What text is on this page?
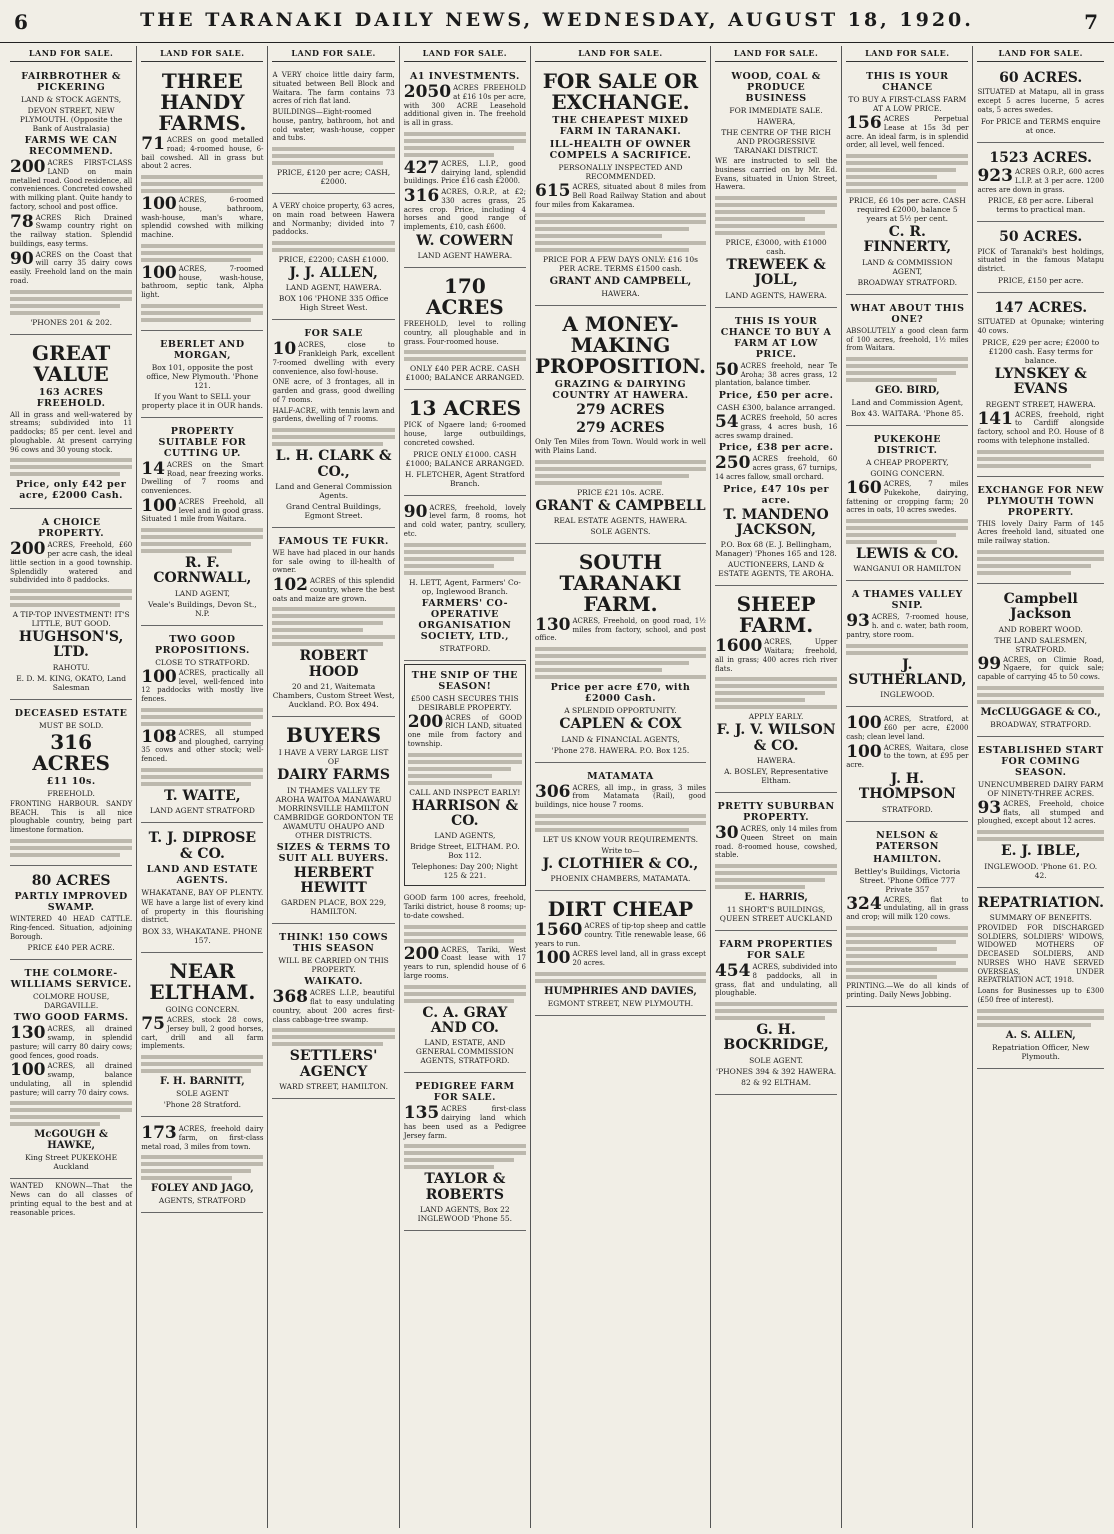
6	THE TARANAKI DAILY NEWS, WEDNESDAY, AUGUST 18, 1920.	7
LAND FOR SALE.
FAIRBROTHER & PICKERING
LAND & STOCK AGENTS,
DEVON STREET, NEW PLYMOUTH. (Opposite the Bank of Australasia)
FARMS WE CAN RECOMMEND.
200 ACRES FIRST-CLASS LAND on main metalled road. Good residence, all conveniences. Concreted cowshed with milking plant. Quite handy to factory, school and post office.
78 ACRES Rich Drained Swamp country right on the railway station. Splendid buildings, easy terms.
90 ACRES on the Coast that will carry 35 dairy cows easily. Freehold land on the main road.
'PHONES 201 & 202.
GREAT VALUE
163 ACRES FREEHOLD.
All in grass and well-watered by streams; subdivided into 11 paddocks; 85 per cent. level and ploughable. At present carrying 96 cows and 30 young stock.
Price, only £42 per acre, £2000 Cash.
A CHOICE PROPERTY.
200 ACRES, Freehold, £60 per acre cash, the ideal little section in a good township. Splendidly watered and subdivided into 8 paddocks.
A TIP-TOP INVESTMENT! IT'S LITTLE, BUT GOOD.
HUGHSON'S, LTD.
RAHOTU.
E. D. M. KING, OKATO, Land Salesman
DECEASED ESTATE
MUST BE SOLD.
316 ACRES
£11 10s.
FREEHOLD.
FRONTING HARBOUR. SANDY BEACH. This is all nice ploughable country, being part limestone formation.
80 ACRES
PARTLY IMPROVED SWAMP.
WINTERED 40 HEAD CATTLE. Ring-fenced. Situation, adjoining Borough.
PRICE £40 PER ACRE.
THE COLMORE-WILLIAMS SERVICE.
COLMORE HOUSE, DARGAVILLE.
TWO GOOD FARMS.
130 ACRES, all drained swamp, in splendid pasture; will carry 80 dairy cows; good fences, good roads.
100 ACRES, all drained swamp, balance undulating, all in splendid pasture; will carry 70 dairy cows.
McGOUGH & HAWKE,
King Street PUKEKOHE Auckland
WANTED KNOWN—That the News can do all classes of printing equal to the best and at reasonable prices.
LAND FOR SALE.
THREE HANDY FARMS.
71 ACRES on good metalled road; 4-roomed house, 6-bail cowshed. All in grass but about 2 acres.
100 ACRES, 6-roomed house, bathroom, wash-house, man's whare, splendid cowshed with milking machine.
100 ACRES, 7-roomed house, wash-house, bathroom, septic tank, Alpha light.
EBERLET AND MORGAN,
Box 101, opposite the post office, New Plymouth. 'Phone 121.
If you Want to SELL your property place it in OUR hands.
PROPERTY SUITABLE FOR CUTTING UP.
14 ACRES on the Smart Road, near freezing works. Dwelling of 7 rooms and conveniences.
100 ACRES Freehold, all level and in good grass. Situated 1 mile from Waitara.
R. F. CORNWALL,
LAND AGENT,
Veale's Buildings, Devon St., N.P.
TWO GOOD PROPOSITIONS.
CLOSE TO STRATFORD.
100 ACRES, practically all level, well-fenced into 12 paddocks with mostly live fences.
108 ACRES, all stumped and ploughed, carrying 35 cows and other stock; well-fenced.
T. WAITE,
LAND AGENT STRATFORD
T. J. DIPROSE & CO.
LAND AND ESTATE AGENTS.
WHAKATANE, BAY OF PLENTY.
WE have a large list of every kind of property in this flourishing district.
BOX 33, WHAKATANE. PHONE 157.
NEAR ELTHAM.
GOING CONCERN.
75 ACRES, stock 28 cows, Jersey bull, 2 good horses, cart, drill and all farm implements.
F. H. BARNITT,
SOLE AGENT
'Phone 28 Stratford.
173 ACRES, freehold dairy farm, on first-class metal road, 3 miles from town.
FOLEY AND JAGO,
AGENTS, STRATFORD
LAND FOR SALE.
A VERY choice little dairy farm, situated between Bell Block and Waitara. The farm contains 73 acres of rich flat land.
BUILDINGS—Eight-roomed house, pantry, bathroom, hot and cold water, wash-house, copper and tubs.
PRICE, £120 per acre; CASH, £2000.
A VERY choice property, 63 acres, on main road between Hawera and Normanby; divided into 7 paddocks.
PRICE, £2200; CASH £1000.
J. J. ALLEN,
LAND AGENT, HAWERA.
BOX 106 'PHONE 335 Office High Street West.
FOR SALE
10 ACRES, close to Frankleigh Park, excellent 7-roomed dwelling with every convenience, also fowl-house.
ONE acre, of 3 frontages, all in garden and grass, good dwelling of 7 rooms.
HALF-ACRE, with tennis lawn and gardens, dwelling of 7 rooms.
L. H. CLARK & CO.,
Land and General Commission Agents.
Grand Central Buildings, Egmont Street.
FAMOUS TE FUKR.
WE have had placed in our hands for sale owing to ill-health of owner.
102 ACRES of this splendid country, where the best oats and maize are grown.
ROBERT HOOD
20 and 21, Waitemata Chambers, Custom Street West, Auckland. P.O. Box 494.
BUYERS
I HAVE A VERY LARGE LIST OF
DAIRY FARMS
IN THAMES VALLEY TE AROHA WAITOA MANAWARU MORRINSVILLE HAMILTON CAMBRIDGE GORDONTON TE AWAMUTU OHAUPO AND OTHER DISTRICTS.
SIZES & TERMS TO SUIT ALL BUYERS.
HERBERT HEWITT
GARDEN PLACE, BOX 229, HAMILTON.
THINK! 150 COWS THIS SEASON
WILL BE CARRIED ON THIS PROPERTY.
WAIKATO.
368 ACRES L.I.P., beautiful flat to easy undulating country, about 200 acres first-class cabbage-tree swamp.
SETTLERS' AGENCY
WARD STREET, HAMILTON.
LAND FOR SALE.
A1 INVESTMENTS.
2050 ACRES FREEHOLD at £16 10s per acre, with 300 ACRE Leasehold additional given in. The freehold is all in grass.
427 ACRES, L.I.P., good dairying land, splendid buildings. Price £16 cash £2000.
316 ACRES, O.R.P., at £2; 330 acres grass, 25 acres crop. Price, including 4 horses and good range of implements, £10, cash £600.
W. COWERN
LAND AGENT HAWERA.
170 ACRES
FREEHOLD, level to rolling country, all ploughable and in grass. Four-roomed house.
ONLY £40 PER ACRE. CASH £1000; BALANCE ARRANGED.
13 ACRES
PICK of Ngaere land; 6-roomed house, large outbuildings, concreted cowshed.
PRICE ONLY £1000. CASH £1000; BALANCE ARRANGED.
H. FLETCHER, Agent Stratford Branch.
90 ACRES, freehold, lovely level farm, 8 rooms, hot and cold water, pantry, scullery, etc.
H. LETT, Agent, Farmers' Co-op, Inglewood Branch.
FARMERS' CO-OPERATIVE ORGANISATION SOCIETY, LTD.,
STRATFORD.
THE SNIP OF THE SEASON!
£500 CASH SECURES THIS DESIRABLE PROPERTY.
200 ACRES of GOOD RICH LAND, situated one mile from factory and township.
CALL AND INSPECT EARLY!
HARRISON & CO.
LAND AGENTS,
Bridge Street, ELTHAM. P.O. Box 112.
Telephones: Day 200; Night 125 & 221.
GOOD farm 100 acres, freehold, Tariki district, house 8 rooms; up-to-date cowshed.
200 ACRES, Tariki, West Coast lease with 17 years to run, splendid house of 6 large rooms.
C. A. GRAY AND CO.
LAND, ESTATE, AND GENERAL COMMISSION AGENTS, STRATFORD.
PEDIGREE FARM FOR SALE.
135 ACRES first-class dairying land which has been used as a Pedigree Jersey farm.
TAYLOR & ROBERTS
LAND AGENTS, Box 22 INGLEWOOD 'Phone 55.
LAND FOR SALE.
FOR SALE OR EXCHANGE.
THE CHEAPEST MIXED FARM IN TARANAKI.
ILL-HEALTH OF OWNER COMPELS A SACRIFICE.
PERSONALLY INSPECTED AND RECOMMENDED.
615 ACRES, situated about 8 miles from Bell Road Railway Station and about four miles from Kakaramea.
PRICE FOR A FEW DAYS ONLY: £16 10s PER ACRE. TERMS £1500 cash.
GRANT AND CAMPBELL,
HAWERA.
A MONEY-MAKING PROPOSITION.
GRAZING & DAIRYING COUNTRY AT HAWERA.
279 ACRES
279 ACRES
Only Ten Miles from Town. Would work in well with Plains Land.
PRICE £21 10s. ACRE.
GRANT & CAMPBELL
REAL ESTATE AGENTS, HAWERA.
SOLE AGENTS.
SOUTH TARANAKI FARM.
130 ACRES, Freehold, on good road, 1½ miles from factory, school, and post office.
Price per acre £70, with £2000 Cash.
A SPLENDID OPPORTUNITY.
CAPLEN & COX
LAND & FINANCIAL AGENTS,
'Phone 278. HAWERA. P.O. Box 125.
MATAMATA
306 ACRES, all imp., in grass, 3 miles from Matamata (Rail), good buildings, nice house 7 rooms.
LET US KNOW YOUR REQUIREMENTS.
Write to—
J. CLOTHIER & CO.,
PHOENIX CHAMBERS, MATAMATA.
DIRT CHEAP
1560 ACRES of tip-top sheep and cattle country. Title renewable lease, 66 years to run.
100 ACRES level land, all in grass except 20 acres.
HUMPHRIES AND DAVIES,
EGMONT STREET, NEW PLYMOUTH.
LAND FOR SALE.
WOOD, COAL & PRODUCE BUSINESS
FOR IMMEDIATE SALE.
HAWERA,
THE CENTRE OF THE RICH AND PROGRESSIVE TARANAKI DISTRICT.
WE are instructed to sell the business carried on by Mr. Ed. Evans, situated in Union Street, Hawera.
PRICE, £3000, with £1000 cash.
TREWEEK & JOLL,
LAND AGENTS, HAWERA.
THIS IS YOUR CHANCE TO BUY A FARM AT LOW PRICE.
50 ACRES freehold, near Te Aroha; 38 acres grass, 12 plantation, balance timber.
Price, £50 per acre.
CASH £300, balance arranged.
54 ACRES freehold, 50 acres grass, 4 acres bush, 16 acres swamp drained.
Price, £38 per acre.
250 ACRES freehold, 60 acres grass, 67 turnips, 14 acres fallow, small orchard.
Price, £47 10s per acre.
T. MANDENO JACKSON,
P.O. Box 68 (E. J. Bellingham, Manager) 'Phones 165 and 128.
AUCTIONEERS, LAND & ESTATE AGENTS, TE AROHA.
SHEEP FARM.
1600 ACRES, Upper Waitara; freehold, all in grass; 400 acres rich river flats.
APPLY EARLY.
F. J. V. WILSON & CO.
HAWERA.
A. BOSLEY, Representative Eltham.
PRETTY SUBURBAN PROPERTY.
30 ACRES, only 14 miles from Queen Street on main road. 8-roomed house, cowshed, stable.
E. HARRIS,
11 SHORT'S BUILDINGS, QUEEN STREET AUCKLAND
FARM PROPERTIES FOR SALE
454 ACRES, subdivided into 8 paddocks, all in grass, flat and undulating, all ploughable.
G. H. BOCKRIDGE,
SOLE AGENT.
'PHONES 394 & 392 HAWERA.
82 & 92 ELTHAM.
LAND FOR SALE.
THIS IS YOUR CHANCE
TO BUY A FIRST-CLASS FARM AT A LOW PRICE.
156 ACRES Perpetual Lease at 15s 3d per acre. An ideal farm, is in splendid order, all level, well fenced.
PRICE, £6 10s per acre. CASH required £2000, balance 5 years at 5½ per cent.
C. R. FINNERTY,
LAND & COMMISSION AGENT,
BROADWAY STRATFORD.
WHAT ABOUT THIS ONE?
ABSOLUTELY a good clean farm of 100 acres, freehold, 1½ miles from Waitara.
GEO. BIRD,
Land and Commission Agent,
Box 43. WAITARA. 'Phone 85.
PUKEKOHE DISTRICT.
A CHEAP PROPERTY,
GOING CONCERN.
160 ACRES, 7 miles Pukekohe, dairying, fattening or cropping farm; 20 acres in oats, 10 acres swedes.
LEWIS & CO.
WANGANUI OR HAMILTON
A THAMES VALLEY SNIP.
93 ACRES, 7-roomed house, h. and c. water, bath room, pantry, store room.
J. SUTHERLAND,
INGLEWOOD.
100 ACRES, Stratford, at £60 per acre, £2000 cash; clean level land.
100 ACRES, Waitara, close to the town, at £95 per acre.
J. H. THOMPSON
STRATFORD.
NELSON & PATERSON
HAMILTON.
Bettley's Buildings, Victoria Street. 'Phone Office 777 Private 357
324 ACRES, flat to undulating, all in grass and crop; will milk 120 cows.
PRINTING.—We do all kinds of printing. Daily News Jobbing.
LAND FOR SALE.
60 ACRES.
SITUATED at Matapu, all in grass except 5 acres lucerne, 5 acres oats, 5 acres swedes.
For PRICE and TERMS enquire at once.
1523 ACRES.
923 ACRES O.R.P., 600 acres L.I.P. at 3 per acre. 1200 acres are down in grass.
PRICE, £8 per acre. Liberal terms to practical man.
50 ACRES.
PICK of Taranaki's best holdings, situated in the famous Matapu district.
PRICE, £150 per acre.
147 ACRES.
SITUATED at Opunake; wintering 40 cows.
PRICE, £29 per acre; £2000 to £1200 cash. Easy terms for balance.
LYNSKEY & EVANS
REGENT STREET, HAWERA.
141 ACRES, freehold, right to Cardiff alongside factory, school and P.O. House of 8 rooms with telephone installed.
EXCHANGE FOR NEW PLYMOUTH TOWN PROPERTY.
THIS lovely Dairy Farm of 145 Acres freehold land, situated one mile railway station.
Campbell Jackson
AND ROBERT WOOD.
THE LAND SALESMEN, STRATFORD.
99 ACRES, on Climie Road, Ngaere, for quick sale; capable of carrying 45 to 50 cows.
McCLUGGAGE & CO.,
BROADWAY, STRATFORD.
ESTABLISHED START FOR COMING SEASON.
UNENCUMBERED DAIRY FARM OF NINETY-THREE ACRES.
93 ACRES, Freehold, choice flats, all stumped and ploughed, except about 12 acres.
E. J. IBLE,
INGLEWOOD. 'Phone 61. P.O. 42.
REPATRIATION.
SUMMARY OF BENEFITS.
PROVIDED FOR DISCHARGED SOLDIERS, SOLDIERS' WIDOWS, WIDOWED MOTHERS OF DECEASED SOLDIERS, AND NURSES WHO HAVE SERVED OVERSEAS, UNDER REPATRIATION ACT, 1918.
Loans for Businesses up to £300 (£50 free of interest).
A. S. ALLEN,
Repatriation Officer, New Plymouth.
